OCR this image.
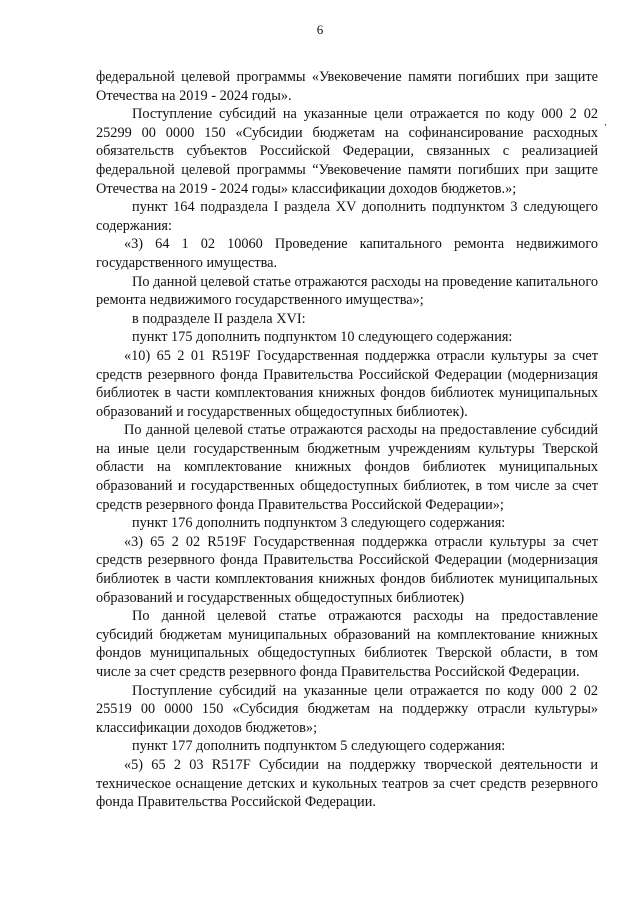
6
‚

федеральной целевой программы «Увековечение памяти погибших при защите Отечества на 2019 - 2024 годы».

Поступление субсидий на указанные цели отражается по коду 000 2 02 25299 00 0000 150 «Субсидии бюджетам на софинансирование расходных обязательств субъектов Российской Федерации, связанных с реализацией федеральной целевой программы “Увековечение памяти погибших при защите Отечества на 2019 - 2024 годы» классификации доходов бюджетов.»;

пункт 164 подраздела I раздела XV дополнить подпунктом 3 следующего содержания:

«3) 64 1 02 10060 Проведение капитального ремонта недвижимого государственного имущества.

По данной целевой статье отражаются расходы на проведение капитального ремонта недвижимого государственного имущества»;

в подразделе II раздела XVI:

пункт 175 дополнить подпунктом 10 следующего содержания:

«10) 65 2 01 R519F Государственная поддержка отрасли культуры за счет средств резервного фонда Правительства Российской Федерации (модернизация библиотек в части комплектования книжных фондов библиотек муниципальных образований и государственных общедоступных библиотек).

По данной целевой статье отражаются расходы на предоставление субсидий на иные цели государственным бюджетным учреждениям культуры Тверской области на комплектование книжных фондов библиотек муниципальных образований и государственных общедоступных библиотек, в том числе за счет средств резервного фонда Правительства Российской Федерации»;

пункт 176 дополнить подпунктом 3 следующего содержания:

«3) 65 2 02 R519F Государственная поддержка отрасли культуры за счет средств резервного фонда Правительства Российской Федерации (модернизация библиотек в части комплектования книжных фондов библиотек муниципальных образований и государственных общедоступных библиотек)

По данной целевой статье отражаются расходы на предоставление субсидий бюджетам муниципальных образований на комплектование книжных фондов муниципальных общедоступных библиотек Тверской области, в том числе за счет средств резервного фонда Правительства Российской Федерации.

Поступление субсидий на указанные цели отражается по коду 000 2 02 25519 00 0000 150 «Субсидия бюджетам на поддержку отрасли культуры» классификации доходов бюджетов»;

пункт 177 дополнить подпунктом 5 следующего содержания:

«5) 65 2 03 R517F Субсидии на поддержку творческой деятельности и техническое оснащение детских и кукольных театров за счет средств резервного фонда Правительства Российской Федерации.
